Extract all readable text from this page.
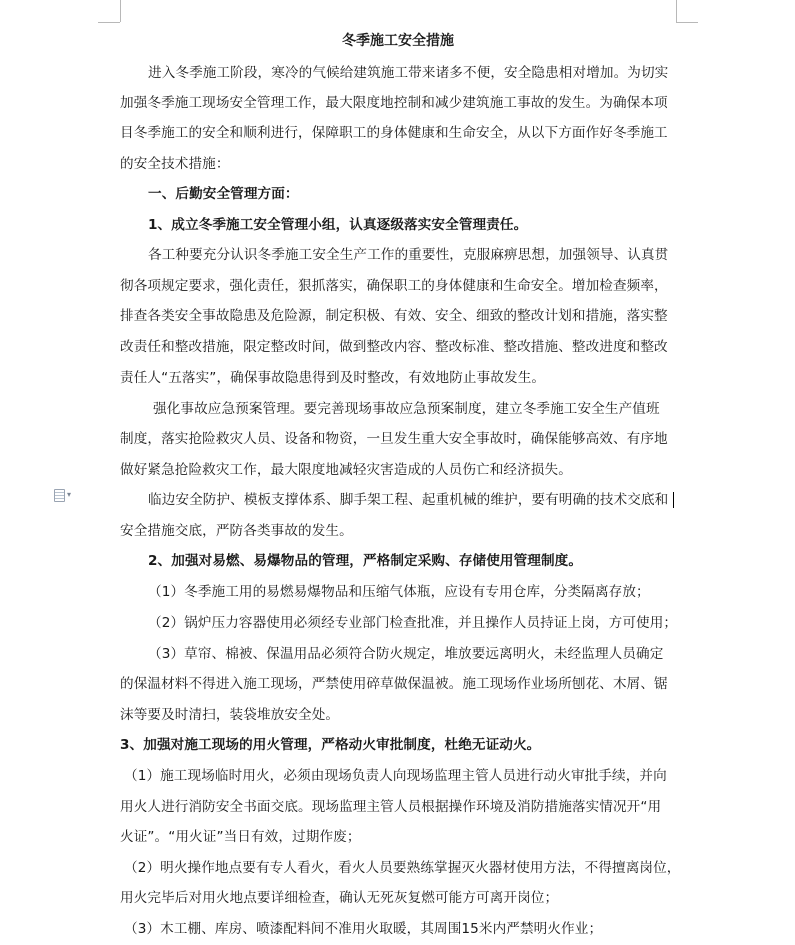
冬季施工安全措施
进入冬季施工阶段，寒冷的气候给建筑施工带来诸多不便，安全隐患相对增加。为切实
加强冬季施工现场安全管理工作，最大限度地控制和减少建筑施工事故的发生。为确保本项
目冬季施工的安全和顺利进行，保障职工的身体健康和生命安全，从以下方面作好冬季施工
的安全技术措施：
一、后勤安全管理方面：
1、成立冬季施工安全管理小组，认真逐级落实安全管理责任。
各工种要充分认识冬季施工安全生产工作的重要性，克服麻痹思想，加强领导、认真贯
彻各项规定要求，强化责任，狠抓落实，确保职工的身体健康和生命安全。增加检查频率，
排查各类安全事故隐患及危险源，制定积极、有效、安全、细致的整改计划和措施，落实整
改责任和整改措施，限定整改时间，做到整改内容、整改标准、整改措施、整改进度和整改
责任人“五落实”，确保事故隐患得到及时整改，有效地防止事故发生。
强化事故应急预案管理。要完善现场事故应急预案制度，建立冬季施工安全生产值班
制度，落实抢险救灾人员、设备和物资，一旦发生重大安全事故时，确保能够高效、有序地
做好紧急抢险救灾工作，最大限度地减轻灾害造成的人员伤亡和经济损失。
临边安全防护、模板支撑体系、脚手架工程、起重机械的维护，要有明确的技术交底和
安全措施交底，严防各类事故的发生。
2、加强对易燃、易爆物品的管理，严格制定采购、存储使用管理制度。
（1）冬季施工用的易燃易爆物品和压缩气体瓶，应设有专用仓库，分类隔离存放；
（2）锅炉压力容器使用必须经专业部门检查批准，并且操作人员持证上岗，方可使用；
（3）草帘、棉被、保温用品必须符合防火规定，堆放要远离明火，未经监理人员确定
的保温材料不得进入施工现场，严禁使用碎草做保温被。施工现场作业场所刨花、木屑、锯
沫等要及时清扫，装袋堆放安全处。
3、加强对施工现场的用火管理，严格动火审批制度，杜绝无证动火。
（1）施工现场临时用火，必须由现场负责人向现场监理主管人员进行动火审批手续，并向
用火人进行消防安全书面交底。现场监理主管人员根据操作环境及消防措施落实情况开“用
火证”。“用火证”当日有效，过期作废；
（2）明火操作地点要有专人看火，看火人员要熟练掌握灭火器材使用方法，不得擅离岗位，
用火完毕后对用火地点要详细检查，确认无死灰复燃可能方可离开岗位；
（3）木工棚、库房、喷漆配料间不准用火取暖，其周围15米内严禁明火作业；
▾
